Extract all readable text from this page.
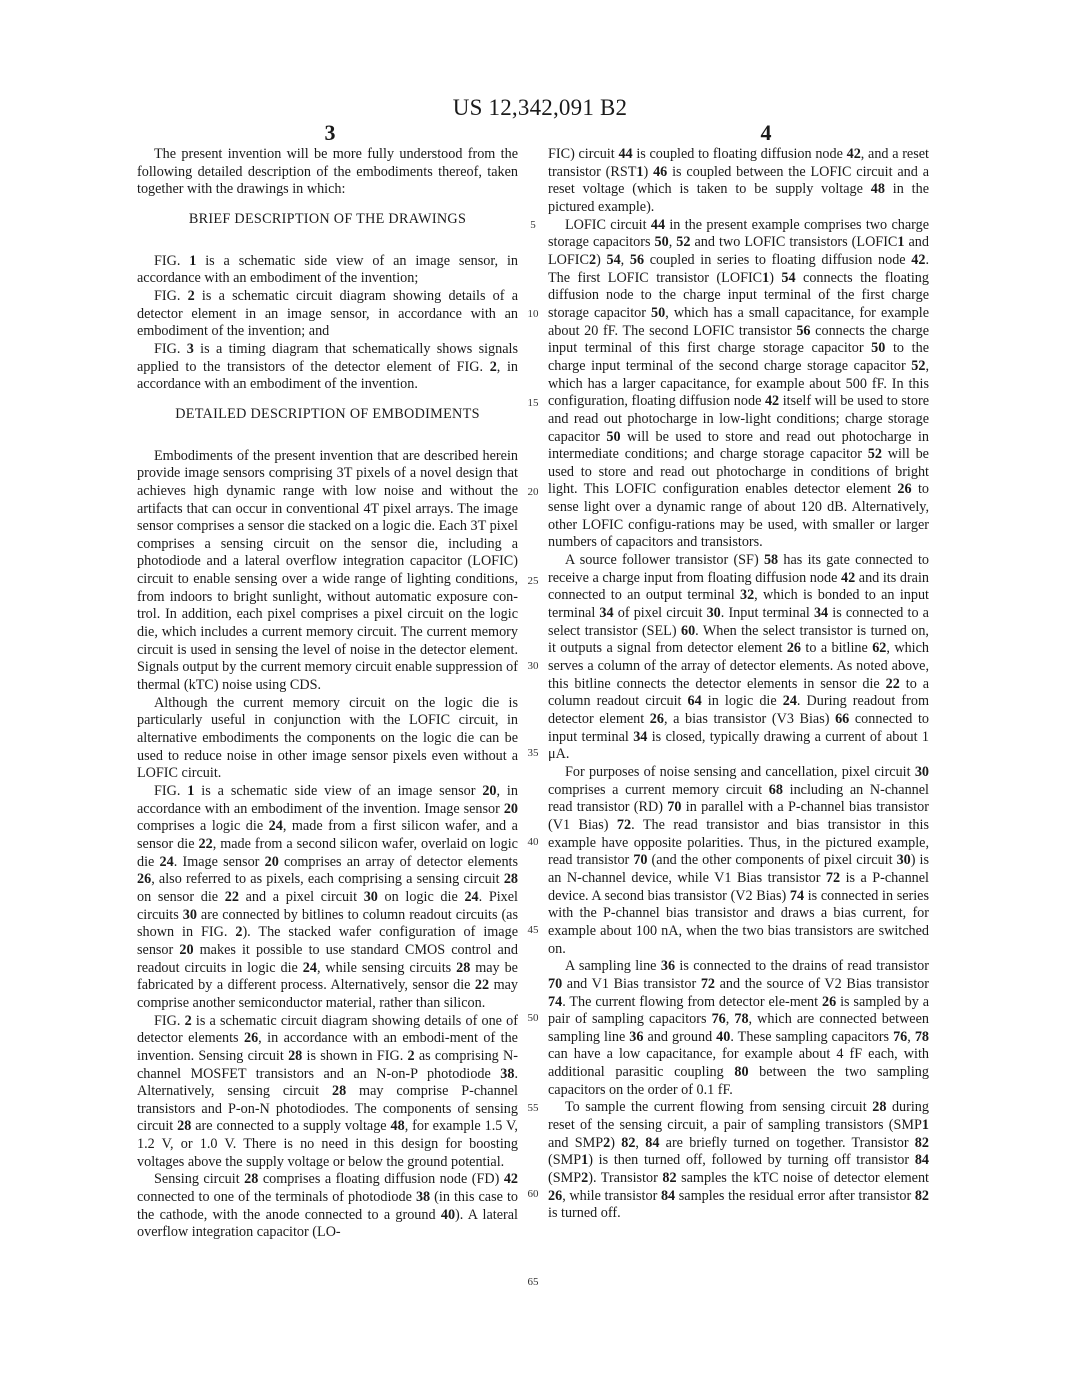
US 12,342,091 B2
3	4

The present invention will be more fully understood from the following detailed description of the embodiments thereof, taken together with the drawings in which:

BRIEF DESCRIPTION OF THE DRAWINGS

FIG. 1 is a schematic side view of an image sensor, in accordance with an embodiment of the invention;

FIG. 2 is a schematic circuit diagram showing details of a detector element in an image sensor, in accordance with an embodiment of the invention; and

FIG. 3 is a timing diagram that schematically shows signals applied to the transistors of the detector element of FIG. 2, in accordance with an embodiment of the invention.

DETAILED DESCRIPTION OF EMBODIMENTS

Embodiments of the present invention that are described herein provide image sensors comprising 3T pixels of a novel design that achieves high dynamic range with low noise and without the artifacts that can occur in conventional 4T pixel arrays. The image sensor comprises a sensor die stacked on a logic die. Each 3T pixel comprises a sensing circuit on the sensor die, including a photodiode and a lateral overflow integration capacitor (LOFIC) circuit to enable sensing over a wide range of lighting conditions, from indoors to bright sunlight, without automatic exposure con-trol. In addition, each pixel comprises a pixel circuit on the logic die, which includes a current memory circuit. The current memory circuit is used in sensing the level of noise in the detector element. Signals output by the current memory circuit enable suppression of thermal (kTC) noise using CDS.

Although the current memory circuit on the logic die is particularly useful in conjunction with the LOFIC circuit, in alternative embodiments the components on the logic die can be used to reduce noise in other image sensor pixels even without a LOFIC circuit.

FIG. 1 is a schematic side view of an image sensor 20, in accordance with an embodiment of the invention. Image sensor 20 comprises a logic die 24, made from a first silicon wafer, and a sensor die 22, made from a second silicon wafer, overlaid on logic die 24. Image sensor 20 comprises an array of detector elements 26, also referred to as pixels, each comprising a sensing circuit 28 on sensor die 22 and a pixel circuit 30 on logic die 24. Pixel circuits 30 are connected by bitlines to column readout circuits (as shown in FIG. 2). The stacked wafer configuration of image sensor 20 makes it possible to use standard CMOS control and readout circuits in logic die 24, while sensing circuits 28 may be fabricated by a different process. Alternatively, sensor die 22 may comprise another semiconductor material, rather than silicon.

FIG. 2 is a schematic circuit diagram showing details of one of detector elements 26, in accordance with an embodi-ment of the invention. Sensing circuit 28 is shown in FIG. 2 as comprising N-channel MOSFET transistors and an N-on-P photodiode 38. Alternatively, sensing circuit 28 may comprise P-channel transistors and P-on-N photodiodes. The components of sensing circuit 28 are connected to a supply voltage 48, for example 1.5 V, 1.2 V, or 1.0 V. There is no need in this design for boosting voltages above the supply voltage or below the ground potential.

Sensing circuit 28 comprises a floating diffusion node (FD) 42 connected to one of the terminals of photodiode 38 (in this case to the cathode, with the anode connected to a ground 40). A lateral overflow integration capacitor (LO-

FIC) circuit 44 is coupled to floating diffusion node 42, and a reset transistor (RST1) 46 is coupled between the LOFIC circuit and a reset voltage (which is taken to be supply voltage 48 in the pictured example).

LOFIC circuit 44 in the present example comprises two charge storage capacitors 50, 52 and two LOFIC transistors (LOFIC1 and LOFIC2) 54, 56 coupled in series to floating diffusion node 42. The first LOFIC transistor (LOFIC1) 54 connects the floating diffusion node to the charge input terminal of the first charge storage capacitor 50, which has a small capacitance, for example about 20 fF. The second LOFIC transistor 56 connects the charge input terminal of this first charge storage capacitor 50 to the charge input terminal of the second charge storage capacitor 52, which has a larger capacitance, for example about 500 fF. In this configuration, floating diffusion node 42 itself will be used to store and read out photocharge in low-light conditions; charge storage capacitor 50 will be used to store and read out photocharge in intermediate conditions; and charge storage capacitor 52 will be used to store and read out photocharge in conditions of bright light. This LOFIC configuration enables detector element 26 to sense light over a dynamic range of about 120 dB. Alternatively, other LOFIC configu-rations may be used, with smaller or larger numbers of capacitors and transistors.

A source follower transistor (SF) 58 has its gate connected to receive a charge input from floating diffusion node 42 and its drain connected to an output terminal 32, which is bonded to an input terminal 34 of pixel circuit 30. Input terminal 34 is connected to a select transistor (SEL) 60. When the select transistor is turned on, it outputs a signal from detector element 26 to a bitline 62, which serves a column of the array of detector elements. As noted above, this bitline connects the detector elements in sensor die 22 to a column readout circuit 64 in logic die 24. During readout from detector element 26, a bias transistor (V3 Bias) 66 connected to input terminal 34 is closed, typically drawing a current of about 1 μA.

For purposes of noise sensing and cancellation, pixel circuit 30 comprises a current memory circuit 68 including an N-channel read transistor (RD) 70 in parallel with a P-channel bias transistor (V1 Bias) 72. The read transistor and bias transistor in this example have opposite polarities. Thus, in the pictured example, read transistor 70 (and the other components of pixel circuit 30) is an N-channel device, while V1 Bias transistor 72 is a P-channel device. A second bias transistor (V2 Bias) 74 is connected in series with the P-channel bias transistor and draws a bias current, for example about 100 nA, when the two bias transistors are switched on.

A sampling line 36 is connected to the drains of read transistor 70 and V1 Bias transistor 72 and the source of V2 Bias transistor 74. The current flowing from detector ele-ment 26 is sampled by a pair of sampling capacitors 76, 78, which are connected between sampling line 36 and ground 40. These sampling capacitors 76, 78 can have a low capacitance, for example about 4 fF each, with additional parasitic coupling 80 between the two sampling capacitors on the order of 0.1 fF.

To sample the current flowing from sensing circuit 28 during reset of the sensing circuit, a pair of sampling transistors (SMP1 and SMP2) 82, 84 are briefly turned on together. Transistor 82 (SMP1) is then turned off, followed by turning off transistor 84 (SMP2). Transistor 82 samples the kTC noise of detector element 26, while transistor 84 samples the residual error after transistor 82 is turned off.

5
10
15
20
25
30
35
40
45
50
55
60
65
